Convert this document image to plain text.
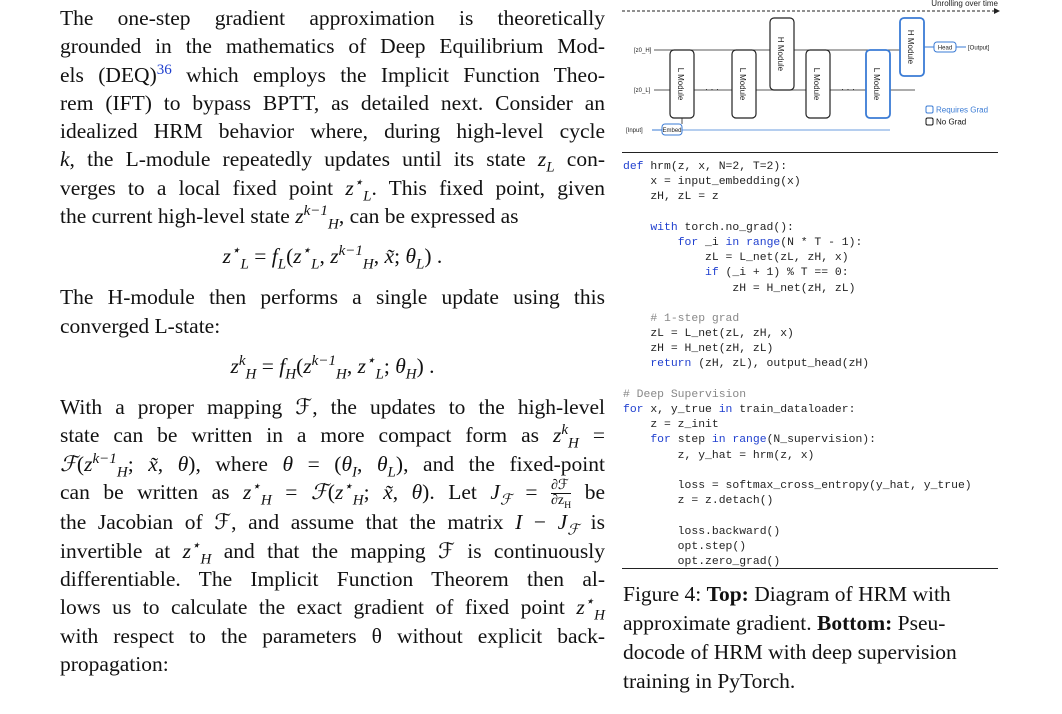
The one-step gradient approximation is theoretically
grounded in the mathematics of Deep Equilibrium Mod-
els (DEQ)$^{36}$ which employs the Implicit Function Theo-
rem (IFT) to bypass BPTT, as detailed next. Consider an
idealized HRM behavior where, during high-level cycle
k, the L-module repeatedly updates until its state $z_L$ con-
verges to a local fixed point $z^⋆_L$. This fixed point, given
the current high-level state $z^{k-1}_H$, can be expressed as
$z^⋆_L = f_L(z^⋆_L$, $z^{k-1}_H$, x̃; $\theta_L$) .
The H-module then performs a single update using this
converged L-state:
$z^k_H = f_H(z^{k-1}_H$, $z^⋆_L$; $\theta_H$) .
With a proper mapping ℱ, the updates to the high-level
state can be written in a more compact form as $z^k_H$ =
$ℱ(z^{k-1}_H$; x̃, θ), where $\theta = (\theta_I$, $\theta_L$), and the fixed-point
can be written as $z^⋆_H$ = $ℱ(z^⋆_H$; x̃, θ). Let $J_ℱ$ = ∂ℱ
$\partial z_H$
be
the Jacobian of ℱ, and assume that the matrix $I - J_ℱ$ is
invertible at $z^⋆_H$ and that the mapping ℱ is continuously
differentiable. The Implicit Function Theorem then al-
lows us to calculate the exact gradient of fixed point $z^⋆_H$
with respect to the parameters θ without explicit back-
propagation:
Unrolling over time
[z0_H]
[z0_L]
[Input]	Embed
L Module · · · L Module
H Module
L Module · · · L Module
H Module	Head	[Output]
Requires Grad
No Grad
def hrm(z, x, N=2, T=2):
x = input_embedding(x)
zH, zL = z
with torch.no_grad():
for _i in range(N * T - 1):
zL = L_net(zL, zH, x)
if (_i + 1) % T == 0:
zH = H_net(zH, zL)
# 1-step grad
zL = L_net(zL, zH, x)
zH = H_net(zH, zL)
return (zH, zL), output_head(zH)
# Deep Supervision
for x, y_true in train_dataloader:
z = z_init
for step in range(N_supervision):
z, y_hat = hrm(z, x)
loss = softmax_cross_entropy(y_hat, y_true)
z = z.detach()
loss.backward()
opt.step()
opt.zero_grad()
Figure 4: Top: Diagram of HRM with
approximate gradient. Bottom: Pseu-
docode of HRM with deep supervision
training in PyTorch.
